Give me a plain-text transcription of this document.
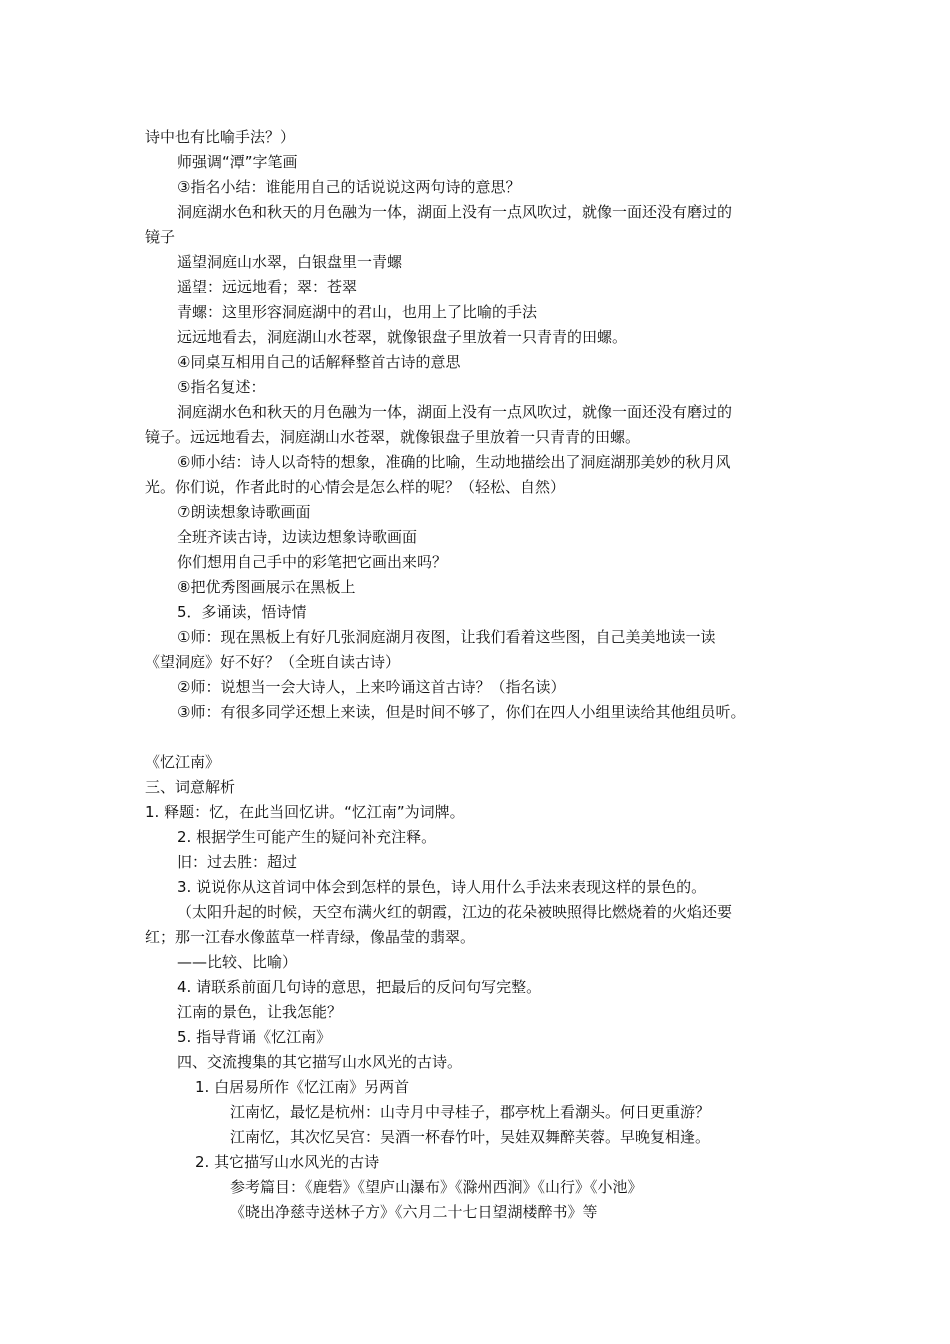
诗中也有比喻手法？）
师强调“潭”字笔画
③指名小结：谁能用自己的话说说这两句诗的意思？
洞庭湖水色和秋天的月色融为一体，湖面上没有一点风吹过，就像一面还没有磨过的
镜子
遥望洞庭山水翠，白银盘里一青螺
遥望：远远地看；翠：苍翠
青螺：这里形容洞庭湖中的君山，也用上了比喻的手法
远远地看去，洞庭湖山水苍翠，就像银盘子里放着一只青青的田螺。
④同桌互相用自己的话解释整首古诗的意思
⑤指名复述：
洞庭湖水色和秋天的月色融为一体，湖面上没有一点风吹过，就像一面还没有磨过的
镜子。远远地看去，洞庭湖山水苍翠，就像银盘子里放着一只青青的田螺。
⑥师小结：诗人以奇特的想象，准确的比喻，生动地描绘出了洞庭湖那美妙的秋月风
光。你们说，作者此时的心情会是怎么样的呢？（轻松、自然）
⑦朗读想象诗歌画面
全班齐读古诗，边读边想象诗歌画面
你们想用自己手中的彩笔把它画出来吗？
⑧把优秀图画展示在黑板上
5．多诵读，悟诗情
①师：现在黑板上有好几张洞庭湖月夜图，让我们看着这些图，自己美美地读一读
《望洞庭》好不好？（全班自读古诗）
②师：说想当一会大诗人，上来吟诵这首古诗？（指名读）
③师：有很多同学还想上来读，但是时间不够了，你们在四人小组里读给其他组员听。
《忆江南》
三、词意解析
1. 释题：忆，在此当回忆讲。“忆江南”为词牌。
2. 根据学生可能产生的疑问补充注释。
旧：过去胜：超过
3. 说说你从这首词中体会到怎样的景色，诗人用什么手法来表现这样的景色的。
（太阳升起的时候，天空布满火红的朝霞，江边的花朵被映照得比燃烧着的火焰还要
红；那一江春水像蓝草一样青绿，像晶莹的翡翠。
——比较、比喻）
4. 请联系前面几句诗的意思，把最后的反问句写完整。
江南的景色，让我怎能？
5. 指导背诵《忆江南》
四、交流搜集的其它描写山水风光的古诗。
1. 白居易所作《忆江南》另两首
江南忆，最忆是杭州：山寺月中寻桂子，郡亭枕上看潮头。何日更重游？
江南忆，其次忆吴宫：吴酒一杯春竹叶，吴娃双舞醉芙蓉。早晚复相逢。
2. 其它描写山水风光的古诗
参考篇目：《鹿砦》《望庐山瀑布》《滁州西涧》《山行》《小池》
《晓出净慈寺送林子方》《六月二十七日望湖楼醉书》等
